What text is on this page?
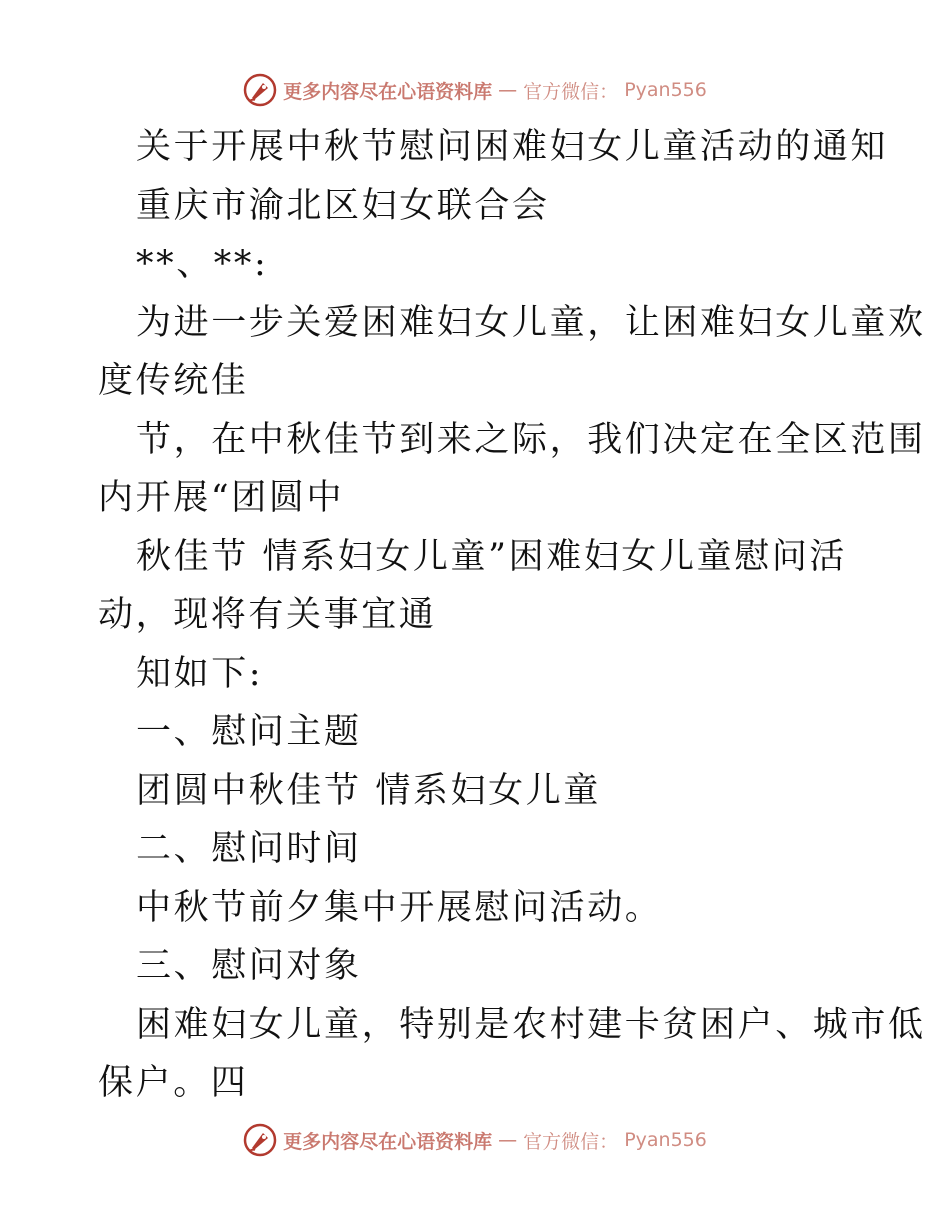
更多内容尽在心语资料库 — 官方微信： Pyan556
关于开展中秋节慰问困难妇女儿童活动的通知
重庆市渝北区妇女联合会
**、**:
为进一步关爱困难妇女儿童，让困难妇女儿童欢
度传统佳
节，在中秋佳节到来之际，我们决定在全区范围
内开展“团圆中
秋佳节 情系妇女儿童”困难妇女儿童慰问活
动，现将有关事宜通
知如下:
一、慰问主题
团圆中秋佳节 情系妇女儿童
二、慰问时间
中秋节前夕集中开展慰问活动。
三、慰问对象
困难妇女儿童，特别是农村建卡贫困户、城市低
保户。四
更多内容尽在心语资料库 — 官方微信： Pyan556
